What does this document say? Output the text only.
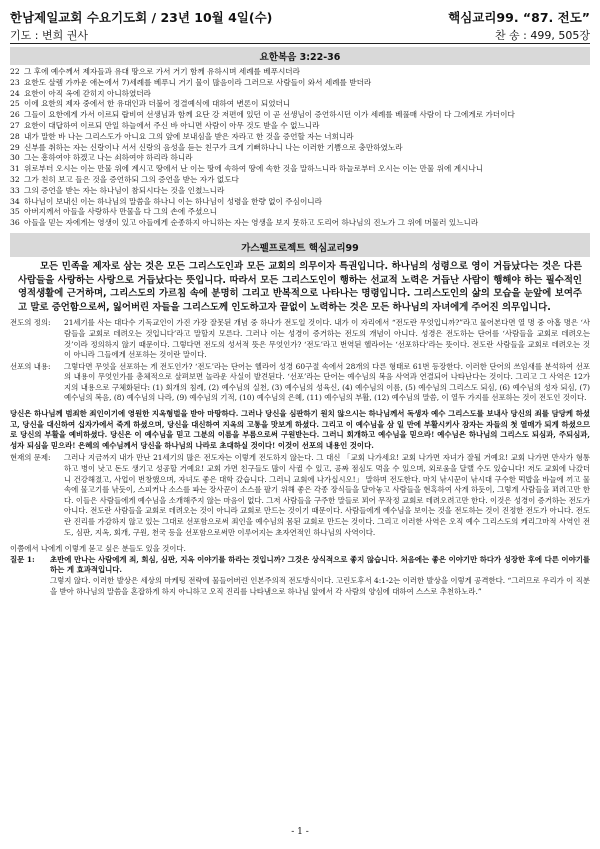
한남제일교회 수요기도회 / 23년 10월 4일(수)	핵심교리99. “87. 전도”
기도 : 변희 권사	찬 송 : 499, 505장
요한복음 3:22-36
22 그 후에 예수께서 제자들과 유대 땅으로 가서 거기 함께 유하시며 세례를 베푸시더라
23 요한도 살렘 가까운 애논에서 7)세례를 베푸니 거기 물이 많음이라 그러므로 사람들이 와서 세례를 받더라
24 요한이 아직 옥에 갇히지 아니하였더라
25 이에 요한의 제자 중에서 한 유대인과 더불어 정결예식에 대하여 변론이 되었더니
26 그들이 요한에게 가서 이르되 랍비여 선생님과 함께 요단 강 저편에 있던 이 곧 선생님이 증언하시던 이가 세례를 베풀매 사람이 다 그에게로 가더이다
27 요한이 대답하여 이르되 만일 하늘에서 주신 바 아니면 사람이 아무 것도 받을 수 없느니라
28 내가 말한 바 나는 그리스도가 아니요 그의 앞에 보내심을 받은 자라고 한 것을 증언할 자는 너희니라
29 신부를 취하는 자는 신랑이나 서서 신랑의 음성을 듣는 친구가 크게 기뻐하나니 나는 이러한 기쁨으로 충만하였노라
30 그는 흥하여야 하겠고 나는 쇠하여야 하리라 하니라
31 위로부터 오시는 이는 만물 위에 계시고 땅에서 난 이는 땅에 속하여 땅에 속한 것을 말하느니라 하늘로부터 오시는 이는 만물 위에 계시나니
32 그가 친히 보고 들은 것을 증언하되 그의 증언을 받는 자가 없도다
33 그의 증언을 받는 자는 하나님이 참되시다는 것을 인쳤느니라
34 하나님이 보내신 이는 하나님의 말씀을 하나니 이는 하나님이 성령을 한량 없이 주심이니라
35 아버지께서 아들을 사랑하사 만물을 다 그의 손에 주셨으니
36 아들을 믿는 자에게는 영생이 있고 아들에게 순종하지 아니하는 자는 영생을 보지 못하고 도리어 하나님의 진노가 그 위에 머물러 있느니라
가스펠프로젝트 핵심교리99
모든 민족을 제자로 삼는 것은 모든 그리스도인과 모든 교회의 의무이자 특권입니다. 하나님의 성령으로 영이 거듭났다는 것은 다른 사람들을 사랑하는 사랑으로 거듭났다는 뜻입니다. 따라서 모든 그리스도인이 행하는 선교적 노력은 거듭난 사람이 행해야 하는 필수적인 영적생활에 근거하며, 그리스도의 가르침 속에 분명히 그리고 반복적으로 나타나는 명령입니다. 그리스도인의 삶의 모습을 눈앞에 보여주고 말로 증언함으로써, 잃어버린 자들을 그리스도께 인도하고자 끝없이 노력하는 것은 모든 하나님의 자녀에게 주어진 의무입니다.
전도의 정의:	21세기를 사는 대다수 기독교인이 가진 가장 잘못된 개념 중 하나가 전도일 것이다. 내가 이 자리에서 “전도란 무엇입니까?”라고 물어본다면 열 명 중 아홉 명은 ‘사람들을 교회로 데려오는 것입니다’라고 말할지 모른다. 그러나 이는 성경이 증거하는 전도의 개념이 아니다. 성경은 전도하는 단어를 ‘사람들을 교회로 데려오는 것’이라 정의하지 않기 때문이다. 그렇다면 전도의 성서적 뜻은 무엇인가? ‘전도’라고 번역된 헬라어는 ‘선포하다’라는 뜻이다. 전도란 사람들을 교회로 데려오는 것이 아니라 그들에게 선포하는 것이란 말이다.
선포의 내용:	그렇다면 무엇을 선포하는 게 전도인가? ‘전도’라는 단어는 헬라어 성경 60구절 속에서 28개의 다른 형태로 61번 등장한다. 이러한 단어의 쓰임새를 분석하여 선포의 내용이 무엇인가를 총체적으로 살펴보면 놀라운 사실이 발견된다. ‘선포’라는 단어는 예수님의 복음 사역과 연결되어 나타난다는 것이다. 그리고 그 사역은 12가지의 내용으로 구체화된다: (1) 회개의 침례, (2) 예수님의 실천, (3) 예수님의 성육신, (4) 예수님의 이름, (5) 예수님의 그리스도 되심, (6) 예수님의 성자 되심, (7) 예수님의 복음, (8) 예수님의 나라, (9) 예수님의 기적, (10) 예수님의 은혜, (11) 예수님의 부활, (12) 예수님의 말씀, 이 열두 가지를 선포하는 것이 전도인 것이다.
당신은 하나님께 범죄한 죄인이기에 영원한 지옥형벌을 받아 마땅하다. 그러나 당신을 심판하기 원치 않으시는 하나님께서 독생자 예수 그리스도를 보내사 당신의 죄를 담당케 하셨고, 당신을 대신하여 십자가에서 죽게 하셨으며, 당신을 대신하여 지옥의 고통을 맛보게 하셨다. 그리고 이 예수님을 삼 일 만에 부활시키사 잠자는 자들의 첫 열매가 되게 하셨으므로 당신의 부활을 예비하셨다. 당신은 이 예수님을 믿고 그분의 이름을 부름으로써 구원받는다. 그러니 회개하고 예수님을 믿으라! 예수님은 하나님의 그리스도 되심과, 주되심과, 성자 되심을 믿으라! 은혜의 예수님께서 당신을 하나님의 나라로 초대하실 것이다! 이것이 선포의 내용인 것이다.
현재의 문제:	그러나 지금까지 내가 만난 21세기의 많은 전도자는 이렇게 전도하지 않는다. 그 대신 「교회 나가세요! 교회 나가면 자녀가 잘될 거예요! 교회 나가면 만사가 형통하고 병이 낫고 돈도 생기고 성공할 거예요! 교회 가면 친구들도 많이 사귈 수 있고, 공짜 점심도 먹을 수 있으며, 외로움을 달랠 수도 있습니다! 저도 교회에 나갔더니 건강해졌고, 사업이 번창했으며, 자녀도 좋은 대학 갔습니다. 그러니 교회에 나가십시오!」 말하며 전도한다. 마치 낚시꾼이 낚시대 구수한 떡밥을 바늘에 끼고 물속에 물고기를 낚듯이, 스피커나 소스를 파는 장사꾼이 소스를 팔기 위해 좋은 각종 장식들을 달아놓고 사람들을 현혹하여 사게 하듯이, 그렇게 사람들을 꾀려고만 한다. 이들은 사람들에게 예수님을 소개해주지 않는 마음이 없다. 그저 사람들을 구주한 말들로 꾀어 무작정 교회로 데려오려고만 한다. 이것은 성경이 증거하는 전도가 아니다. 전도란 사람들을 교회로 데려오는 것이 아니라 교회로 만드는 것이기 때문이다. 사람들에게 예수님을 보이는 것을 전도하는 것이 진정한 전도가 아니다. 전도란 진리를 가감하지 않고 있는 그대로 선포함으로써 죄인을 예수님의 몸된 교회로 만드는 것이다. 그리고 이러한 사역은 오직 예수 그리스도의 케리그마적 사역인 전도, 심판, 지옥, 회개, 구원, 천국 등을 선포함으로써만 이루어지는 초자연적인 하나님의 사역이다.
이쯤에서 나에게 이렇게 묻고 싶은 분들도 있을 것이다.
질문 1:	초반에 만나는 사람에게 죄, 회심, 심판, 지옥 이야기를 하라는 것입니까? 그것은 상식적으로 좋지 않습니다. 처음에는 좋은 이야기만 하다가 성장한 후에 다른 이야기를 하는 게 효과적입니다.
그렇지 않다. 이러한 발상은 세상의 마케팅 전략에 물들어버린 인본주의적 전도방식이다. 고린도후서 4:1-2는 이러한 발상을 이렇게 공격한다. “그러므로 우리가 이 직분을 받아 하나님의 말씀을 혼잡하게 하지 아니하고 오직 진리를 나타냄으로 하나님 앞에서 각 사람의 양심에 대하여 스스로 추천하노라.”
- 1 -
